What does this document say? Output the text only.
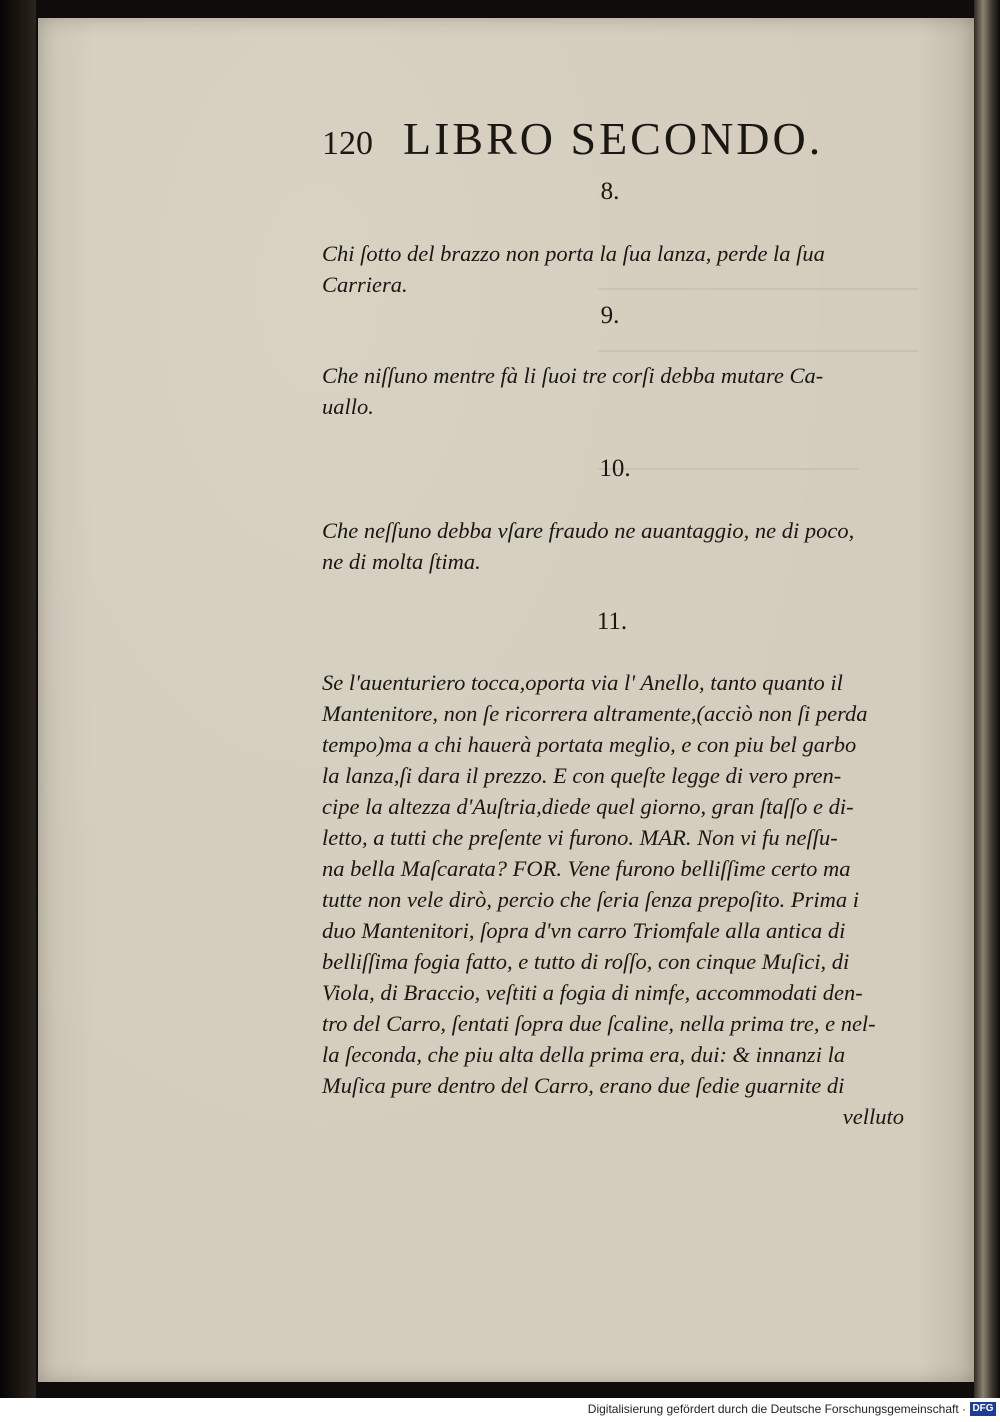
120 LIBRO SECONDO.
8.
Chi ſotto del brazzo non porta la ſua lanza, perde la ſua
Carriera.
9.
Che niſſuno mentre fà li ſuoi tre corſi debba mutare Ca-
uallo.
10.
Che neſſuno debba vſare fraudo ne auantaggio, ne di poco,
ne di molta ſtima.
11.
Se l'auenturiero tocca,oporta via l' Anello, tanto quanto il
Mantenitore, non ſe ricorrera altramente,(acciò non ſi perda
tempo)ma a chi hauerà portata meglio, e con piu bel garbo
la lanza,ſi dara il prezzo. E con queſte legge di vero pren-
cipe la altezza d'Auſtria,diede quel giorno, gran ſtaſſo e di-
letto, a tutti che preſente vi furono. MAR. Non vi fu neſſu-
na bella Maſcarata? FOR. Vene furono belliſſime certo ma
tutte non vele dirò, percio che ſeria ſenza prepoſito. Prima i
duo Mantenitori, ſopra d'vn carro Triomfale alla antica di
belliſſima fogia fatto, e tutto di roſſo, con cinque Muſici, di
Viola, di Braccio, veſtiti a fogia di nimfe, accommodati den-
tro del Carro, ſentati ſopra due ſcaline, nella prima tre, e nel-
la ſeconda, che piu alta della prima era, dui: & innanzi la
Muſica pure dentro del Carro, erano due ſedie guarnite di
velluto
Digitalisierung gefördert durch die Deutsche Forschungsgemeinschaft · DFG
